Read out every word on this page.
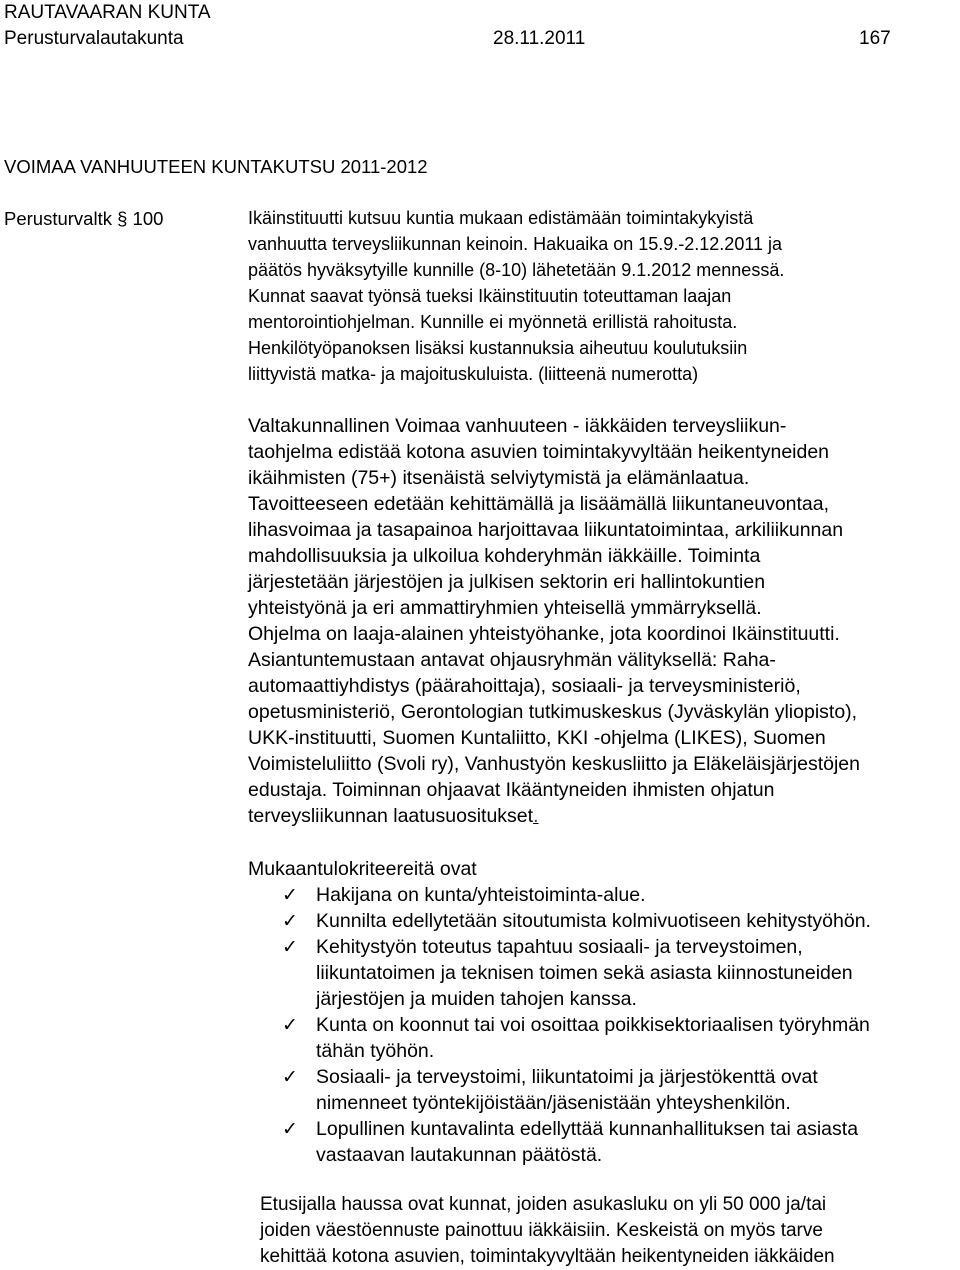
RAUTAVAARAN KUNTA
Perusturvalautakunta	28.11.2011	167
VOIMAA VANHUUTEEN KUNTAKUTSU 2011-2012
Perusturvaltk § 100	Ikäinstituutti kutsuu kuntia mukaan edistämään toimintakykyistä
vanhuutta terveysliikunnan keinoin. Hakuaika on 15.9.-2.12.2011 ja
päätös hyväksytyille kunnille (8-10) lähetetään 9.1.2012 mennessä.
Kunnat saavat työnsä tueksi Ikäinstituutin toteuttaman laajan
mentorointiohjelman. Kunnille ei myönnetä erillistä rahoitusta.
Henkilötyöpanoksen lisäksi kustannuksia aiheutuu koulutuksiin
liittyvistä matka- ja majoituskuluista. (liitteenä numerotta)
Valtakunnallinen Voimaa vanhuuteen - iäkkäiden terveysliikun-
taohjelma edistää kotona asuvien toimintakyvyltään heikentyneiden
ikäihmisten (75+) itsenäistä selviytymistä ja elämänlaatua.
Tavoitteeseen edetään kehittämällä ja lisäämällä liikuntaneuvontaa,
lihasvoimaa ja tasapainoa harjoittavaa liikuntatoimintaa, arkiliikunnan
mahdollisuuksia ja ulkoilua kohderyhmän iäkkäille. Toiminta
järjestetään järjestöjen ja julkisen sektorin eri hallintokuntien
yhteistyönä ja eri ammattiryhmien yhteisellä ymmärryksellä.
Ohjelma on laaja-alainen yhteistyöhanke, jota koordinoi Ikäinstituutti.
Asiantuntemustaan antavat ohjausryhmän välityksellä: Raha-
automaattiyhdistys (päärahoittaja), sosiaali- ja terveysministeriö,
opetusministeriö, Gerontologian tutkimuskeskus (Jyväskylän yliopisto),
UKK-instituutti, Suomen Kuntaliitto, KKI -ohjelma (LIKES), Suomen
Voimisteluliitto (Svoli ry), Vanhustyön keskusliitto ja Eläkeläisjärjestöjen
edustaja. Toiminnan ohjaavat Ikääntyneiden ihmisten ohjatun
terveysliikunnan laatusuositukset.
Mukaantulokriteereitä ovat
✓ Hakijana on kunta/yhteistoiminta-alue.
✓ Kunnilta edellytetään sitoutumista kolmivuotiseen kehitystyöhön.
✓ Kehitystyön toteutus tapahtuu sosiaali- ja terveystoimen,
liikuntatoimen ja teknisen toimen sekä asiasta kiinnostuneiden
järjestöjen ja muiden tahojen kanssa.
✓ Kunta on koonnut tai voi osoittaa poikkisektoriaalisen työryhmän
tähän työhön.
✓ Sosiaali- ja terveystoimi, liikuntatoimi ja järjestökenttä ovat
nimenneet työntekijöistään/jäsenistään yhteyshenkilön.
✓ Lopullinen kuntavalinta edellyttää kunnanhallituksen tai asiasta
vastaavan lautakunnan päätöstä.
Etusijalla haussa ovat kunnat, joiden asukasluku on yli 50 000 ja/tai
joiden väestöennuste painottuu iäkkäisiin. Keskeistä on myös tarve
kehittää kotona asuvien, toimintakyvyltään heikentyneiden iäkkäiden
